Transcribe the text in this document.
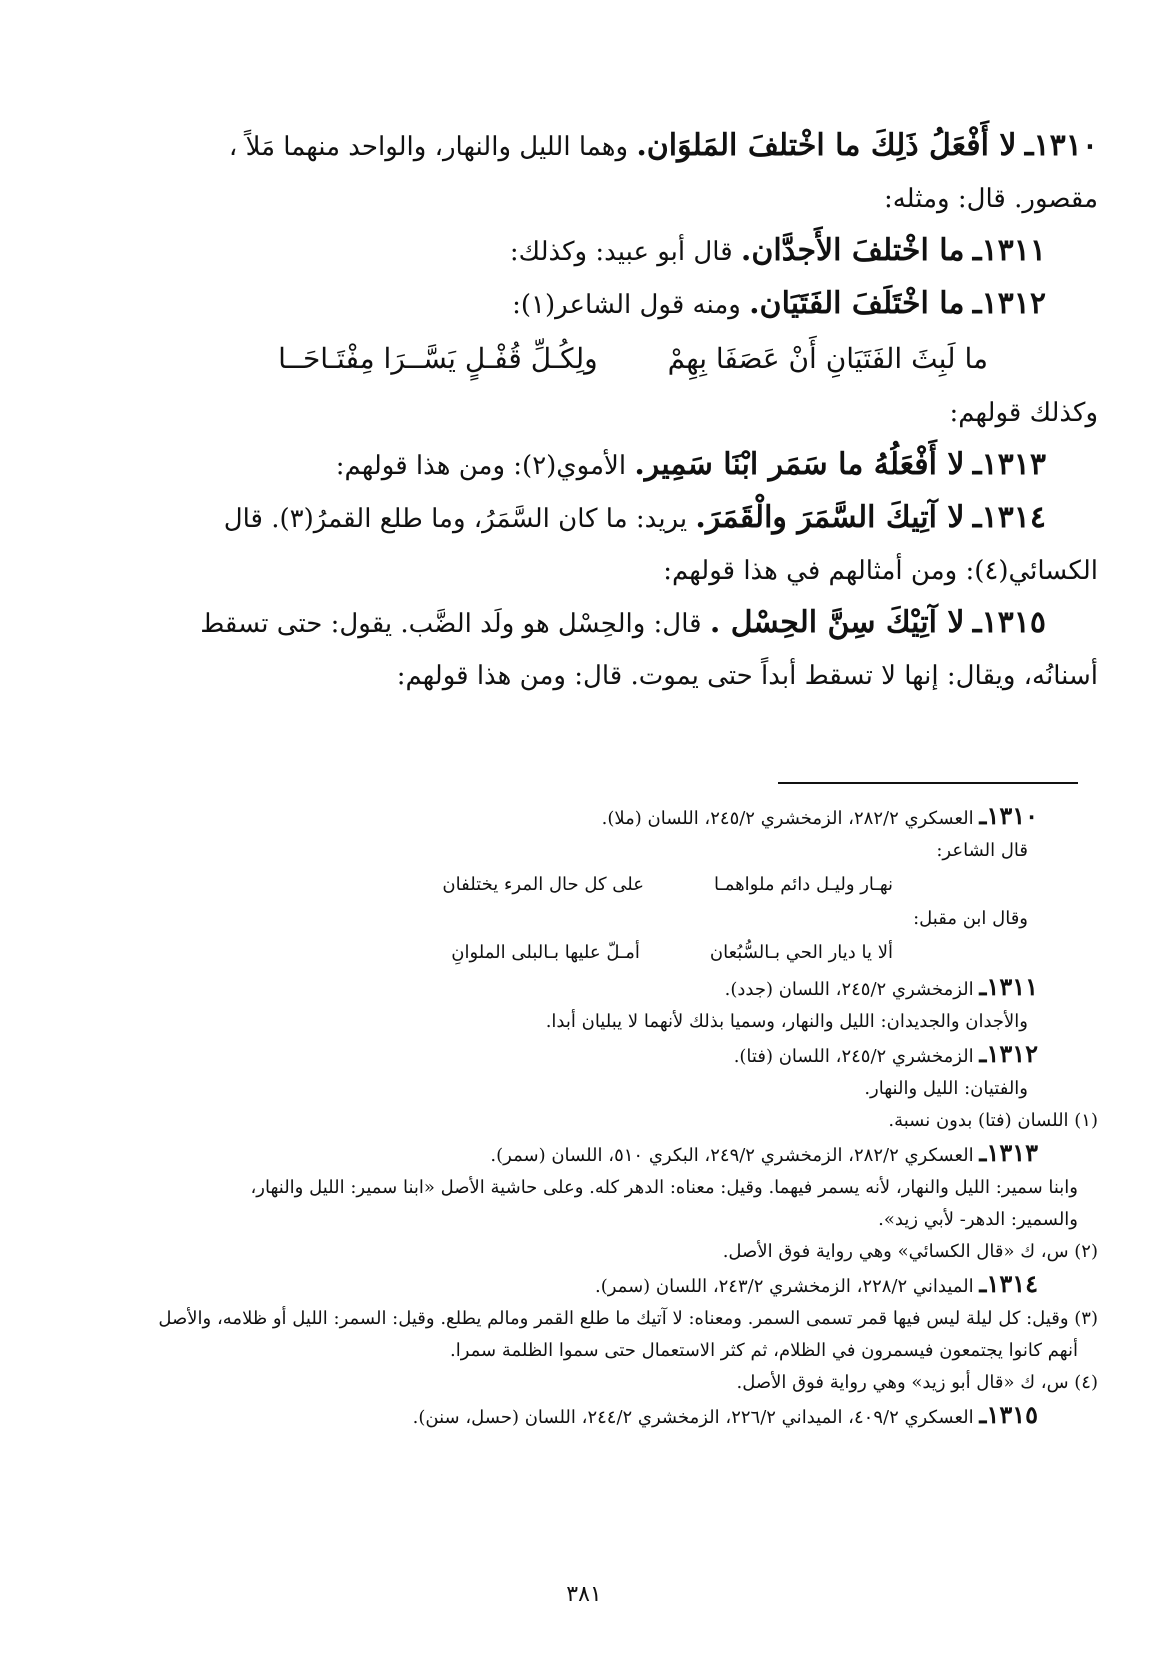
١٣١٠ـ لا أَفْعَلُ ذَلِكَ ما اخْتلفَ المَلوَان. وهما الليل والنهار، والواحد منهما مَلاً ،
مقصور. قال: ومثله:
١٣١١ـ ما اخْتلفَ الأَجدَّان. قال أبو عبيد: وكذلك:
١٣١٢ـ ما اخْتَلَفَ الفَتَيَان. ومنه قول الشاعر(١):
ما لَبِثَ الفَتَيَانِ أَنْ عَصَفَا بِهِمْ
ولِكُـلِّ قُفْـلٍ يَسَّــرَا مِفْتَـاحَــا
وكذلك قولهم:
١٣١٣ـ لا أَفْعَلُهُ ما سَمَر ابْنَا سَمِير. الأموي(٢): ومن هذا قولهم:
١٣١٤ـ لا آتِيكَ السَّمَرَ والْقَمَرَ. يريد: ما كان السَّمَرُ، وما طلع القمرُ(٣). قال
الكسائي(٤): ومن أمثالهم في هذا قولهم:
١٣١٥ـ لا آتِيْكَ سِنَّ الحِسْل . قال: والحِسْل هو ولَد الضَّب. يقول: حتى تسقط
أسنانُه، ويقال: إنها لا تسقط أبداً حتى يموت. قال: ومن هذا قولهم:
١٣١٠ـ العسكري ٢٨٢/٢، الزمخشري ٢٤٥/٢، اللسان (ملا).
قال الشاعر:
نهـار وليـل دائم ملواهمـا
على كل حال المرء يختلفان
وقال ابن مقبل:
ألا يا ديار الحي بـالسُّبُعان
أمـلّ عليها بـالبلى الملوانِ
١٣١١ـ الزمخشري ٢٤٥/٢، اللسان (جدد).
والأجدان والجديدان: الليل والنهار، وسميا بذلك لأنهما لا يبليان أبدا.
١٣١٢ـ الزمخشري ٢٤٥/٢، اللسان (فتا).
والفتيان: الليل والنهار.
(١) اللسان (فتا) بدون نسبة.
١٣١٣ـ العسكري ٢٨٢/٢، الزمخشري ٢٤٩/٢، البكري ٥١٠، اللسان (سمر).
وابنا سمير: الليل والنهار، لأنه يسمر فيهما. وقيل: معناه: الدهر كله. وعلى حاشية الأصل «ابنا سمير: الليل والنهار،
والسمير: الدهر- لأبي زيد».
(٢) س، ك «قال الكسائي» وهي رواية فوق الأصل.
١٣١٤ـ الميداني ٢٢٨/٢، الزمخشري ٢٤٣/٢، اللسان (سمر).
(٣) وقيل: كل ليلة ليس فيها قمر تسمى السمر. ومعناه: لا آتيك ما طلع القمر ومالم يطلع. وقيل: السمر: الليل أو ظلامه، والأصل
أنهم كانوا يجتمعون فيسمرون في الظلام، ثم كثر الاستعمال حتى سموا الظلمة سمرا.
(٤) س، ك «قال أبو زيد» وهي رواية فوق الأصل.
١٣١٥ـ العسكري ٤٠٩/٢، الميداني ٢٢٦/٢، الزمخشري ٢٤٤/٢، اللسان (حسل، سنن).
٣٨١
